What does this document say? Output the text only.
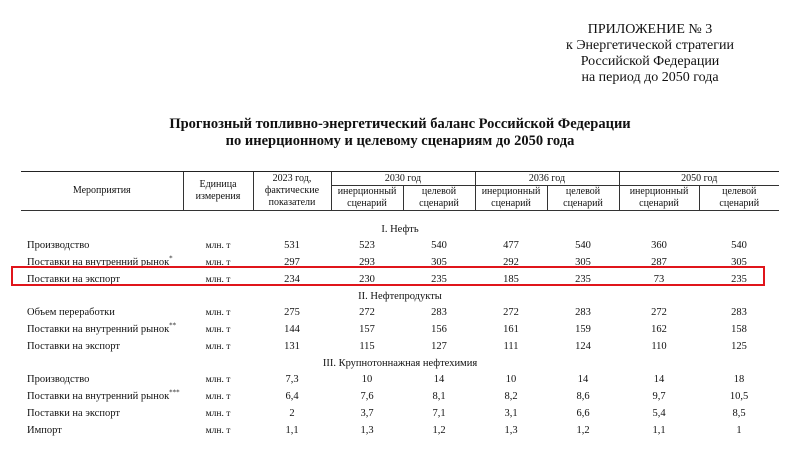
ПРИЛОЖЕНИЕ № 3
к Энергетической стратегии
Российской Федерации
на период до 2050 года
Прогнозный топливно-энергетический баланс Российской Федерации
по инерционному и целевому сценариям до 2050 года
Мероприятия	Единица измерения	2023 год, фактические показатели	2030 год		2036 год		2050 год	
			инерционный сценарий	целевой сценарий	инерционный сценарий	целевой сценарий	инерционный сценарий	целевой сценарий

I. Нефть								
Производство	млн. т	531	523	540	477	540	360	540
Поставки на внутренний рынок*	млн. т	297	293	305	292	305	287	305
Поставки на экспорт	млн. т	234	230	235	185	235	73	235
II. Нефтепродукты								
Объем переработки	млн. т	275	272	283	272	283	272	283
Поставки на внутренний рынок**	млн. т	144	157	156	161	159	162	158
Поставки на экспорт	млн. т	131	115	127	111	124	110	125
III. Крупнотоннажная нефтехимия								
Производство	млн. т	7,3	10	14	10	14	14	18
Поставки на внутренний рынок***	млн. т	6,4	7,6	8,1	8,2	8,6	9,7	10,5
Поставки на экспорт	млн. т	2	3,7	7,1	3,1	6,6	5,4	8,5
Импорт	млн. т	1,1	1,3	1,2	1,3	1,2	1,1	1
